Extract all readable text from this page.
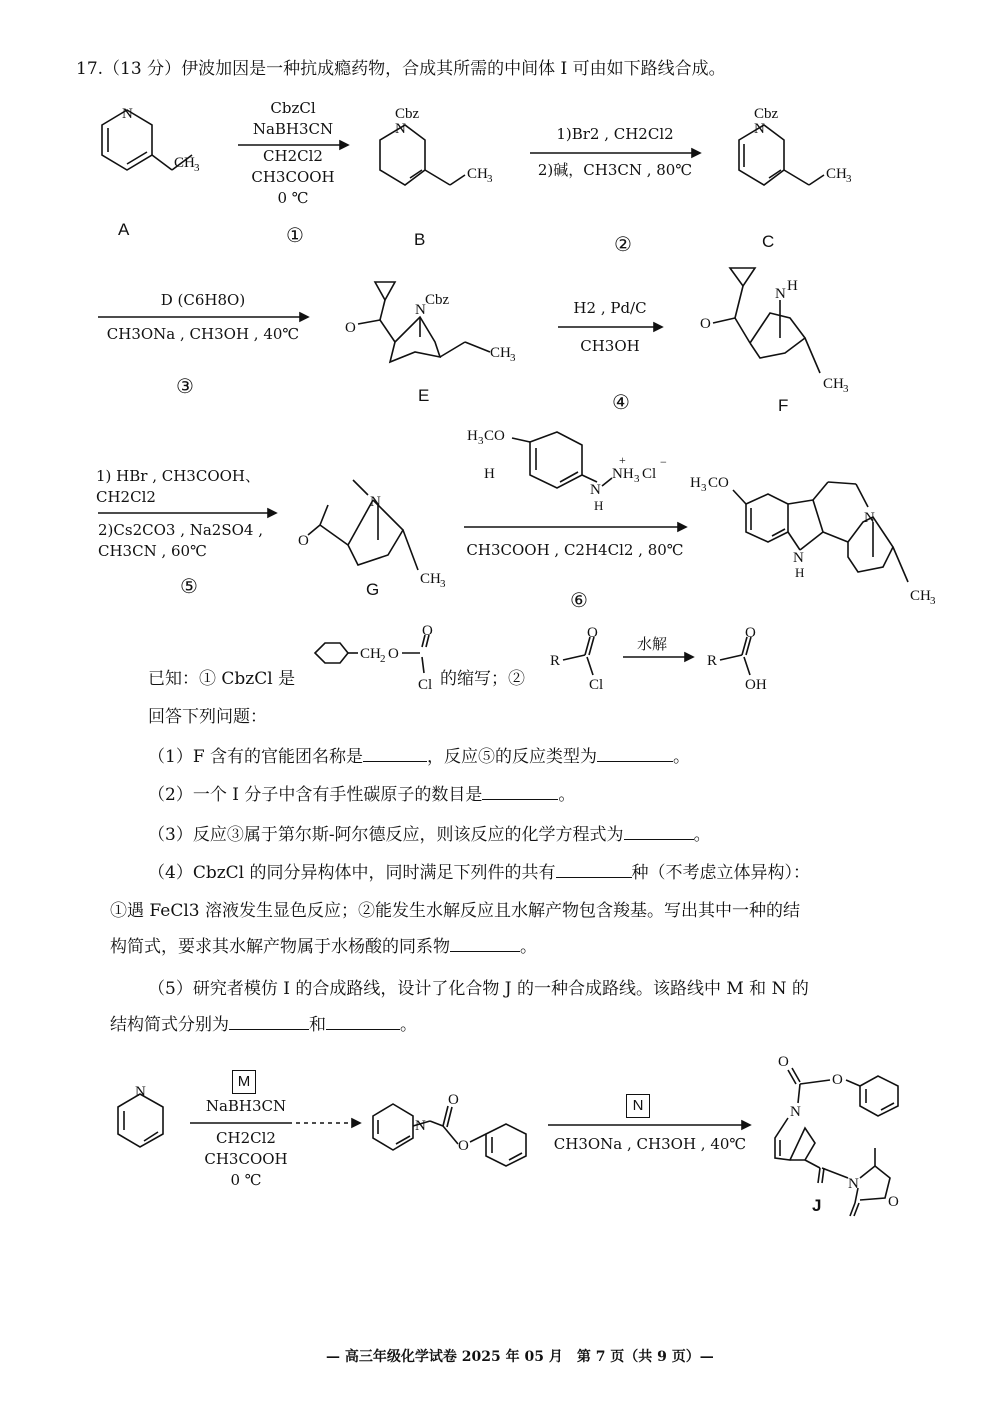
17.（13 分）伊波加因是一种抗成瘾药物，合成其所需的中间体 I 可由如下路线合成。
N
CH 3
A
CbzCl
NaBH3CN
CH2Cl2
CH3COOH
0 ℃
①
Cbz
N
CH 3
B
1)Br2 , CH2Cl2
2)碱，CH3CN , 80℃
②
Cbz
N
CH 3
C
D (C6H8O)
CH3ONa , CH3OH , 40℃
③
O
N
Cbz
CH 3
E
H2 , Pd/C
CH3OH
④
O
N H
CH 3
F
1) HBr , CH3COOH、
CH2Cl2
2)Cs2CO3 , Na2SO4 ,
CH3CN , 60℃
⑤
O
N
CH 3
G
H 3 CO
H
N
H
NH 3 Cl
+	−
CH3COOH , C2H4Cl2 , 80℃
⑥
H 3 CO
N
N
H
CH 3
已知：① CbzCl 是
CH 2 O
O
Cl 的缩写；②
R
O
Cl
水解
R
O
OH
回答下列问题：
（1）F 含有的官能团名称是	，反应⑤的反应类型为	。
（2）一个 I 分子中含有手性碳原子的数目是	。
（3）反应③属于第尔斯-阿尔德反应，则该反应的化学方程式为	。
（4）CbzCl 的同分异构体中，同时满足下列件的共有	种（不考虑立体异构）：
①遇 FeCl3 溶液发生显色反应；②能发生水解反应且水解产物包含羧基。写出其中一种的结
构简式，要求其水解产物属于水杨酸的同系物	。
（5）研究者模仿 I 的合成路线，设计了化合物 J 的一种合成路线。该路线中 M 和 N 的
结构简式分别为	和	。
N
M
NaBH3CN
CH2Cl2
CH3COOH
0 ℃
N
O
O
N
CH3ONa , CH3OH , 40℃
O
O
N
N
O
J
— 高三年级化学试卷 2025 年 05 月　第 7 页（共 9 页）—
